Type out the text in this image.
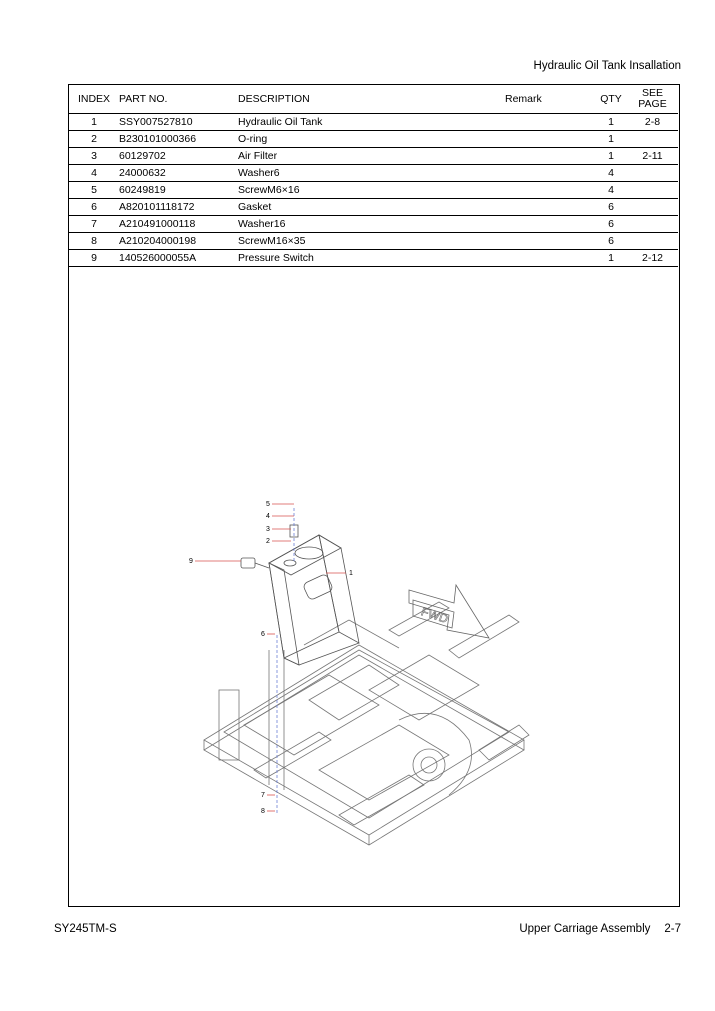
Hydraulic Oil Tank Insallation
INDEX	PART NO.	DESCRIPTION	Remark	QTY	SEE PAGE
1	SSY007527810	Hydraulic Oil Tank		1	2-8
2	B230101000366	O-ring		1	
3	60129702	Air Filter		1	2-11
4	24000632	Washer6		4	
5	60249819	ScrewM6×16		4	
6	A820101118172	Gasket		6	
7	A210491000118	Washer16		6	
8	A210204000198	ScrewM16×35		6	
9	140526000055A	Pressure Switch		1	2-12
5
4
3
2
9
1
6
7
8
FWD
SY245TM-S	Upper Carriage Assembly 2-7
